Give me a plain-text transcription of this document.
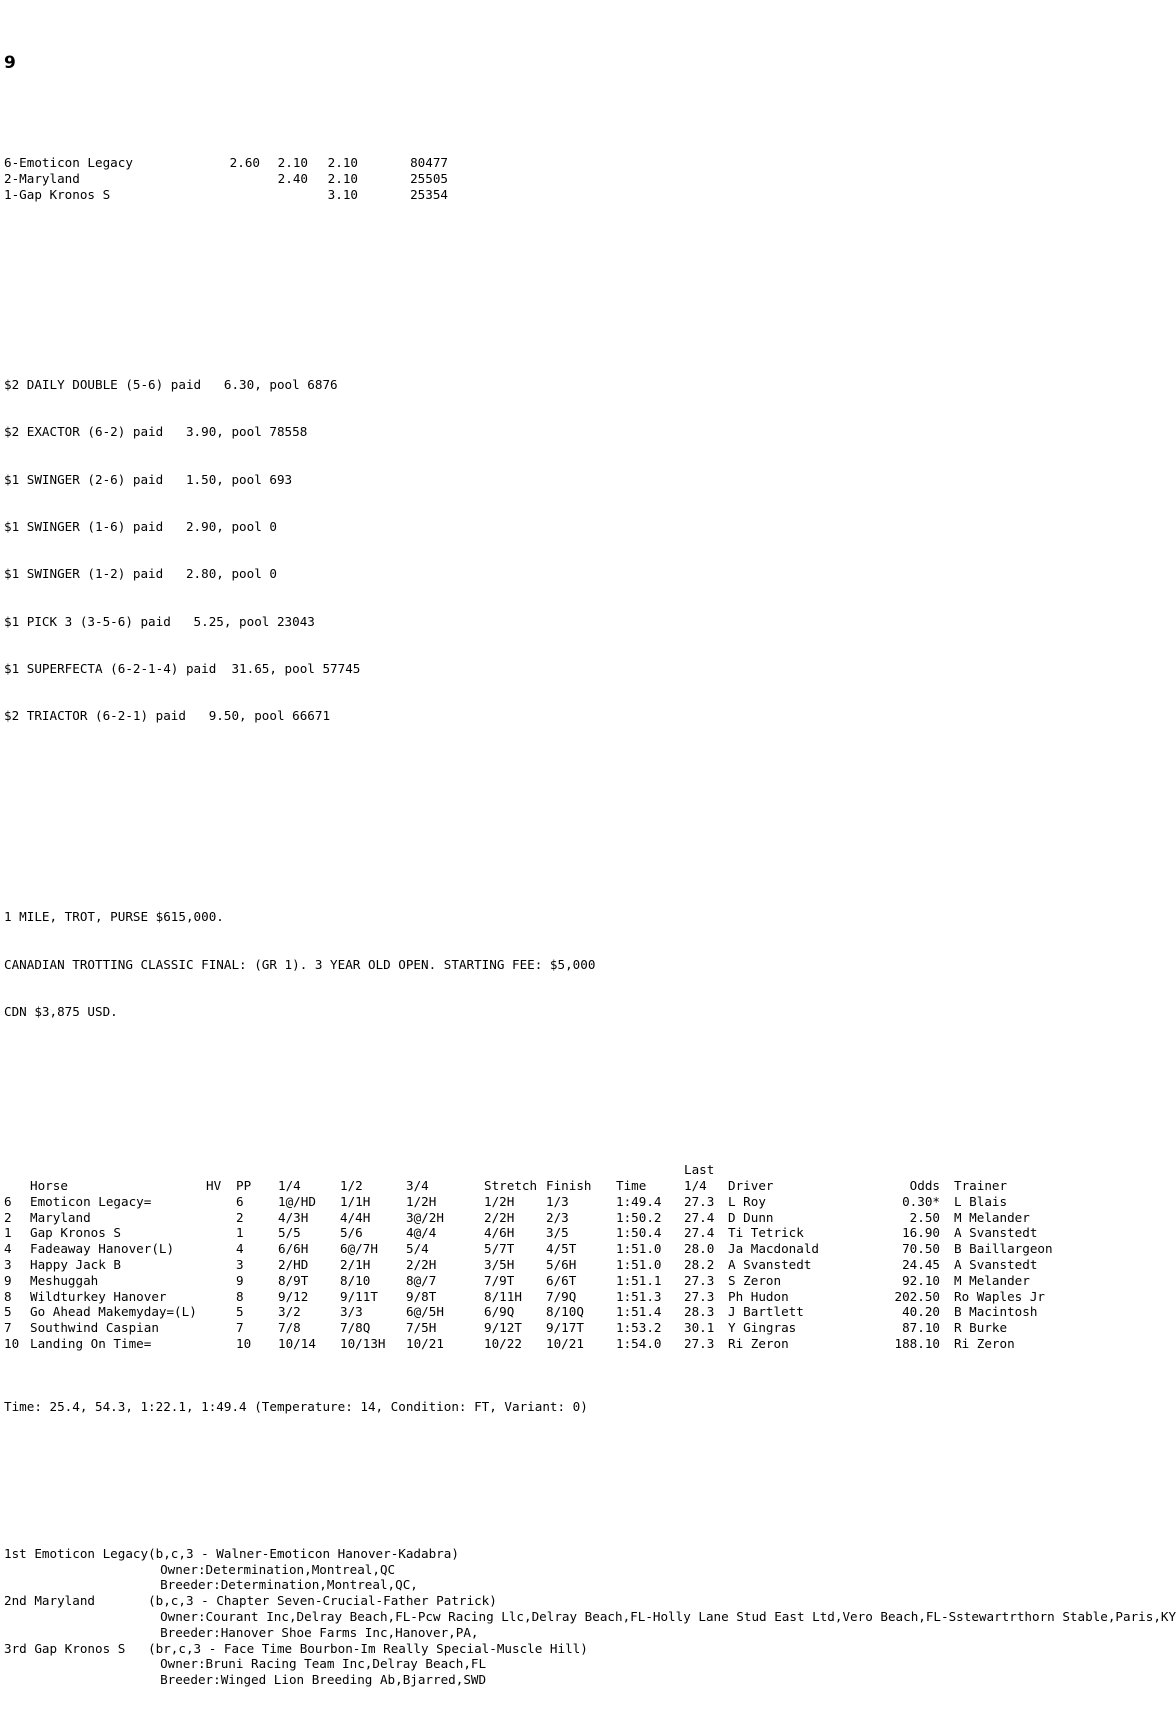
9

6-Emoticon Legacy	2.60	2.10	2.10	80477
2-Maryland		2.40	2.10	25505
1-Gap Kronos S			3.10	25354

$2 DAILY DOUBLE (5-6) paid   6.30, pool 6876

$2 EXACTOR (6-2) paid   3.90, pool 78558

$1 SWINGER (2-6) paid   1.50, pool 693

$1 SWINGER (1-6) paid   2.90, pool 0

$1 SWINGER (1-2) paid   2.80, pool 0

$1 PICK 3 (3-5-6) paid   5.25, pool 23043

$1 SUPERFECTA (6-2-1-4) paid  31.65, pool 57745

$2 TRIACTOR (6-2-1) paid   9.50, pool 66671

1 MILE, TROT, PURSE $615,000.

CANADIAN TROTTING CLASSIC FINAL: (GR 1). 3 YEAR OLD OPEN. STARTING FEE: $5,000

CDN $3,875 USD.

										Last			
	Horse	HV	PP	1/4	1/2	3/4	Stretch	Finish	Time	1/4	Driver	Odds	Trainer
6	Emoticon Legacy=		6	1@/HD	1/1H	1/2H	1/2H	1/3	1:49.4	27.3	L Roy	0.30*	L Blais
2	Maryland		2	4/3H	4/4H	3@/2H	2/2H	2/3	1:50.2	27.4	D Dunn	2.50	M Melander
1	Gap Kronos S		1	5/5	5/6	4@/4	4/6H	3/5	1:50.4	27.4	Ti Tetrick	16.90	A Svanstedt
4	Fadeaway Hanover(L)		4	6/6H	6@/7H	5/4	5/7T	4/5T	1:51.0	28.0	Ja Macdonald	70.50	B Baillargeon
3	Happy Jack B		3	2/HD	2/1H	2/2H	3/5H	5/6H	1:51.0	28.2	A Svanstedt	24.45	A Svanstedt
9	Meshuggah		9	8/9T	8/10	8@/7	7/9T	6/6T	1:51.1	27.3	S Zeron	92.10	M Melander
8	Wildturkey Hanover		8	9/12	9/11T	9/8T	8/11H	7/9Q	1:51.3	27.3	Ph Hudon	202.50	Ro Waples Jr
5	Go Ahead Makemyday=(L)		5	3/2	3/3	6@/5H	6/9Q	8/10Q	1:51.4	28.3	J Bartlett	40.20	B Macintosh
7	Southwind Caspian		7	7/8	7/8Q	7/5H	9/12T	9/17T	1:53.2	30.1	Y Gingras	87.10	R Burke
10	Landing On Time=		10	10/14	10/13H	10/21	10/22	10/21	1:54.0	27.3	Ri Zeron	188.10	Ri Zeron

Time: 25.4, 54.3, 1:22.1, 1:49.4 (Temperature: 14, Condition: FT, Variant: 0)

1st Emoticon Legacy	(b,c,3 - Walner-Emoticon Hanover-Kadabra)
	Owner:Determination,Montreal,QC
	Breeder:Determination,Montreal,QC,
2nd Maryland	(b,c,3 - Chapter Seven-Crucial-Father Patrick)
	Owner:Courant Inc,Delray Beach,FL-Pcw Racing Llc,Delray Beach,FL-Holly Lane Stud East Ltd,Vero Beach,FL-Sstewartrthorn Stable,Paris,KY
	Breeder:Hanover Shoe Farms Inc,Hanover,PA,
3rd Gap Kronos S	(br,c,3 - Face Time Bourbon-Im Really Special-Muscle Hill)
	Owner:Bruni Racing Team Inc,Delray Beach,FL
	Breeder:Winged Lion Breeding Ab,Bjarred,SWD
